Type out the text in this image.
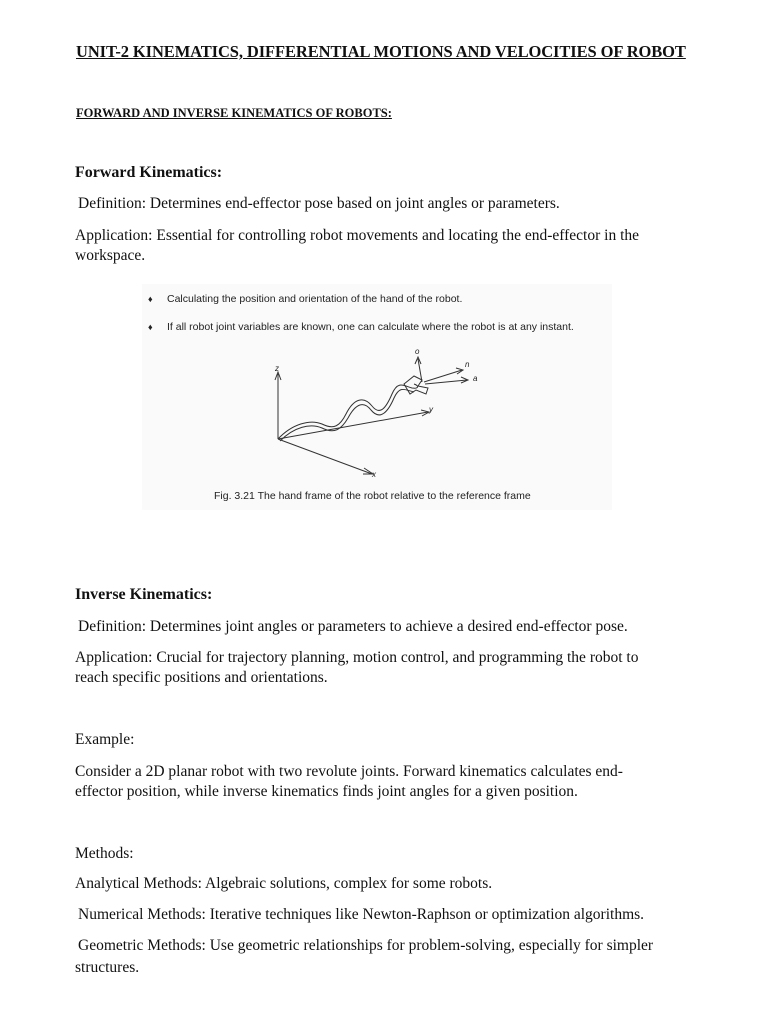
UNIT-2 KINEMATICS, DIFFERENTIAL MOTIONS AND VELOCITIES OF ROBOT
FORWARD AND INVERSE KINEMATICS OF ROBOTS:
Forward Kinematics:
Definition: Determines end-effector pose based on joint angles or parameters.
Application: Essential for controlling robot movements and locating the end-effector in the
workspace.
♦ Calculating the position and orientation of the hand of the robot.
♦ If all robot joint variables are known, one can calculate where the robot is at any instant.
z
y
x
o
n
a
Fig. 3.21 The hand frame of the robot relative to the reference frame
Inverse Kinematics:
Definition: Determines joint angles or parameters to achieve a desired end-effector pose.
Application: Crucial for trajectory planning, motion control, and programming the robot to
reach specific positions and orientations.
Example:
Consider a 2D planar robot with two revolute joints. Forward kinematics calculates end-
effector position, while inverse kinematics finds joint angles for a given position.
Methods:
Analytical Methods: Algebraic solutions, complex for some robots.
Numerical Methods: Iterative techniques like Newton-Raphson or optimization algorithms.
Geometric Methods: Use geometric relationships for problem-solving, especially for simpler
structures.
